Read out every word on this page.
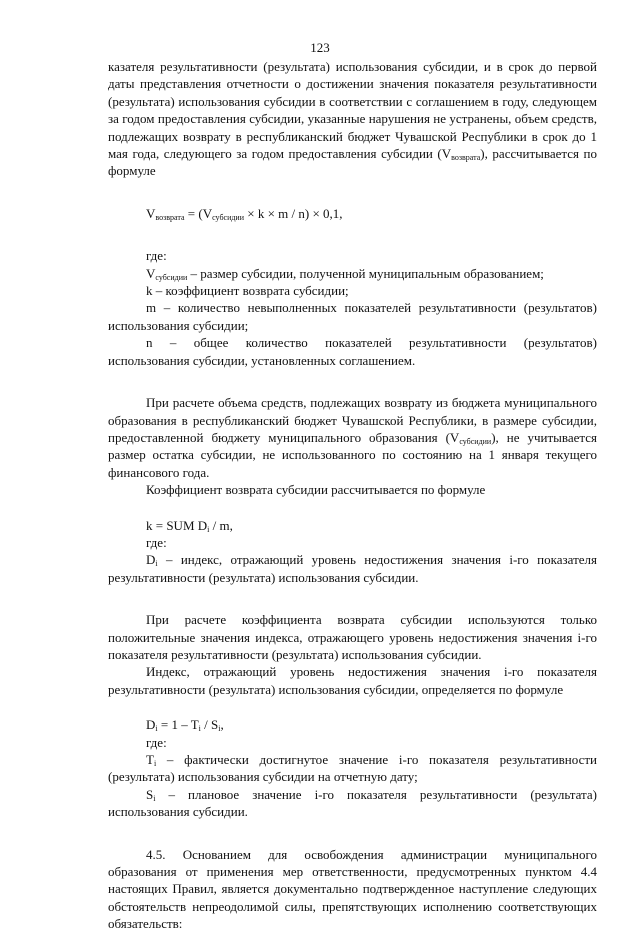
123

казателя результативности (результата) использования субсидии, и в срок до первой даты представления отчетности о достижении значения показателя результативности (результата) использования субсидии в соответствии с соглашением в году, следующем за годом предоставления субсидии, указанные нарушения не устранены, объем средств, подлежащих возврату в республиканский бюджет Чувашской Республики в срок до 1 мая года, следующего за годом предоставления субсидии $(V_{возврата})$, рассчитывается по формуле

$V_{возврата} = (V_{субсидии} \times k \times m / n) \times 0,1$,

где:

$V_{субсидии}$ – размер субсидии, полученной муниципальным образованием;

k – коэффициент возврата субсидии;

m – количество невыполненных показателей результативности (результатов) использования субсидии;

n – общее количество показателей результативности (результатов) использования субсидии, установленных соглашением.

При расчете объема средств, подлежащих возврату из бюджета муниципального образования в республиканский бюджет Чувашской Республики, в размере субсидии, предоставленной бюджету муниципального образования $(V_{субсидии})$, не учитывается размер остатка субсидии, не использованного по состоянию на 1 января текущего финансового года.

Коэффициент возврата субсидии рассчитывается по формуле

k = SUM $D_i$ / m,

где:

$D_i$ – индекс, отражающий уровень недостижения значения i-го показателя результативности (результата) использования субсидии.

При расчете коэффициента возврата субсидии используются только положительные значения индекса, отражающего уровень недостижения значения i-го показателя результативности (результата) использования субсидии.

Индекс, отражающий уровень недостижения значения i-го показателя результативности (результата) использования субсидии, определяется по формуле

$D_i = 1 - T_i / S_i$,

где:

$T_i$ – фактически достигнутое значение i-го показателя результативности (результата) использования субсидии на отчетную дату;

$S_i$ – плановое значение i-го показателя результативности (результата) использования субсидии.

4.5. Основанием для освобождения администрации муниципального образования от применения мер ответственности, предусмотренных пунктом 4.4 настоящих Правил, является документально подтвержденное наступление следующих обстоятельств непреодолимой силы, препятствующих исполнению соответствующих обязательств:
